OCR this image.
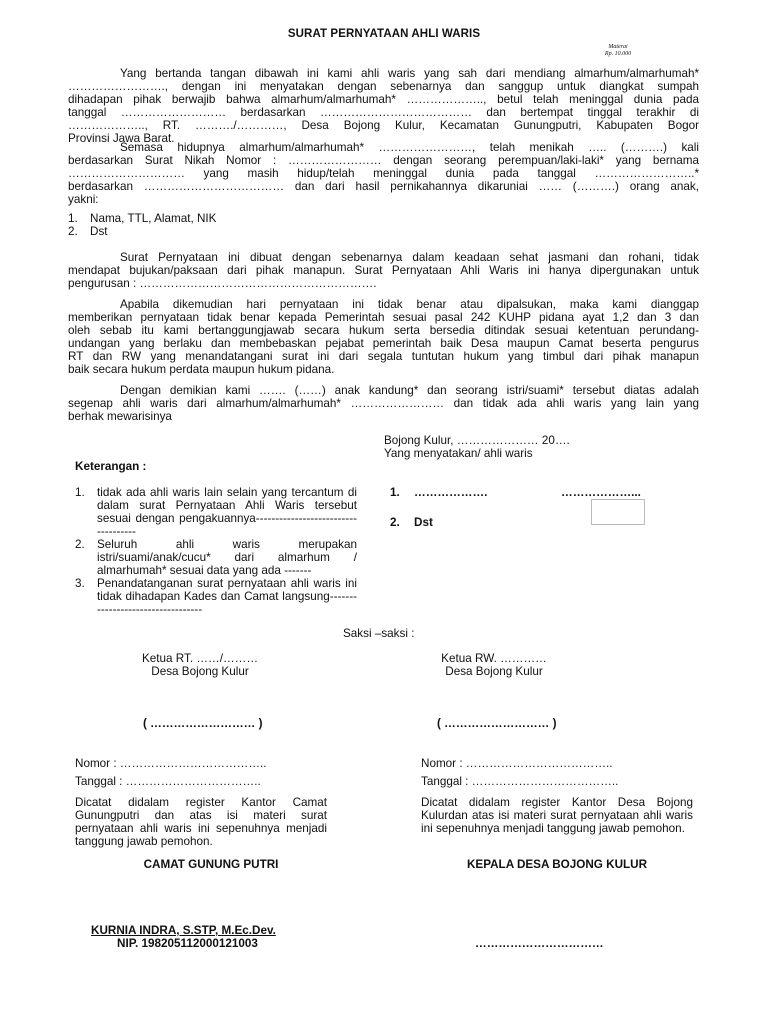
SURAT PERNYATAAN AHLI WARIS
Materai
Rp. 10.000
Yang bertanda tangan dibawah ini kami ahli waris yang sah dari mendiang almarhum/almarhumah*
……………………., dengan ini menyatakan dengan sebenarnya dan sanggup untuk diangkat sumpah
dihadapan pihak berwajib bahwa almarhum/almarhumah* ……………….., betul telah meninggal dunia pada
tanggal ……………………… berdasarkan ………………………………… dan bertempat tinggal terakhir di
……………….., RT. ………./…………, Desa Bojong Kulur, Kecamatan Gunungputri, Kabupaten Bogor
Provinsi Jawa Barat.
Semasa hidupnya almarhum/almarhumah* ……………………, telah menikah ….. (……….) kali
berdasarkan Surat Nikah Nomor : …………………… dengan seorang perempuan/laki-laki* yang bernama
………………………… yang masih hidup/telah meninggal dunia pada tanggal ……………………..*
berdasarkan ……………………………… dan dari hasil pernikahannya dikaruniai …… (……….) orang anak,
yakni:
1. Nama, TTL, Alamat, NIK
2. Dst
Surat Pernyataan ini dibuat dengan sebenarnya dalam keadaan sehat jasmani dan rohani, tidak
mendapat bujukan/paksaan dari pihak manapun. Surat Pernyataan Ahli Waris ini hanya dipergunakan untuk
pengurusan : …………………………………………………….
Apabila dikemudian hari pernyataan ini tidak benar atau dipalsukan, maka kami dianggap
memberikan pernyataan tidak benar kepada Pemerintah sesuai pasal 242 KUHP pidana ayat 1,2 dan 3 dan
oleh sebab itu kami bertanggungjawab secara hukum serta bersedia ditindak sesuai ketentuan perundang-
undangan yang berlaku dan membebaskan pejabat pemerintah baik Desa maupun Camat beserta pengurus
RT dan RW yang menandatangani surat ini dari segala tuntutan hukum yang timbul dari pihak manapun
baik secara hukum perdata maupun hukum pidana.
Dengan demikian kami ……. (……) anak kandung* dan seorang istri/suami* tersebut diatas adalah
segenap ahli waris dari almarhum/almarhumah* …………………… dan tidak ada ahli waris yang lain yang
berhak mewarisinya
Bojong Kulur, ………………… 20….
Yang menyatakan/ ahli waris
Keterangan :
1. tidak ada ahli waris lain selain yang tercantum di dalam surat Pernyataan Ahli Waris tersebut sesuai dengan pengakuannya------------------------------------
2. Seluruh ahli waris merupakan istri/suami/anak/cucu* dari almarhum / almarhumah* sesuai data yang ada -------
3. Penandatanganan surat pernyataan ahli waris ini tidak dihadapan Kades dan Camat langsung----------------------------------
1. ……………….	………………...
2. Dst
Saksi –saksi :
Ketua RT. ……/………
Desa Bojong Kulur
( ……………………… )
Ketua RW. …………
Desa Bojong Kulur
( ……………………… )
Nomor : ………………………………..
Tanggal : ……………………………..
Dicatat didalam register Kantor Camat Gunungputri dan atas isi materi surat pernyataan ahli waris ini sepenuhnya menjadi tanggung jawab pemohon.
CAMAT GUNUNG PUTRI
KURNIA INDRA, S.STP, M.Ec.Dev.
NIP. 198205112000121003
Nomor : ………………………………..
Tanggal : ………………………………..
Dicatat didalam register Kantor Desa Bojong Kulurdan atas isi materi surat pernyataan ahli waris ini sepenuhnya menjadi tanggung jawab pemohon.
KEPALA DESA BOJONG KULUR
……………………………
